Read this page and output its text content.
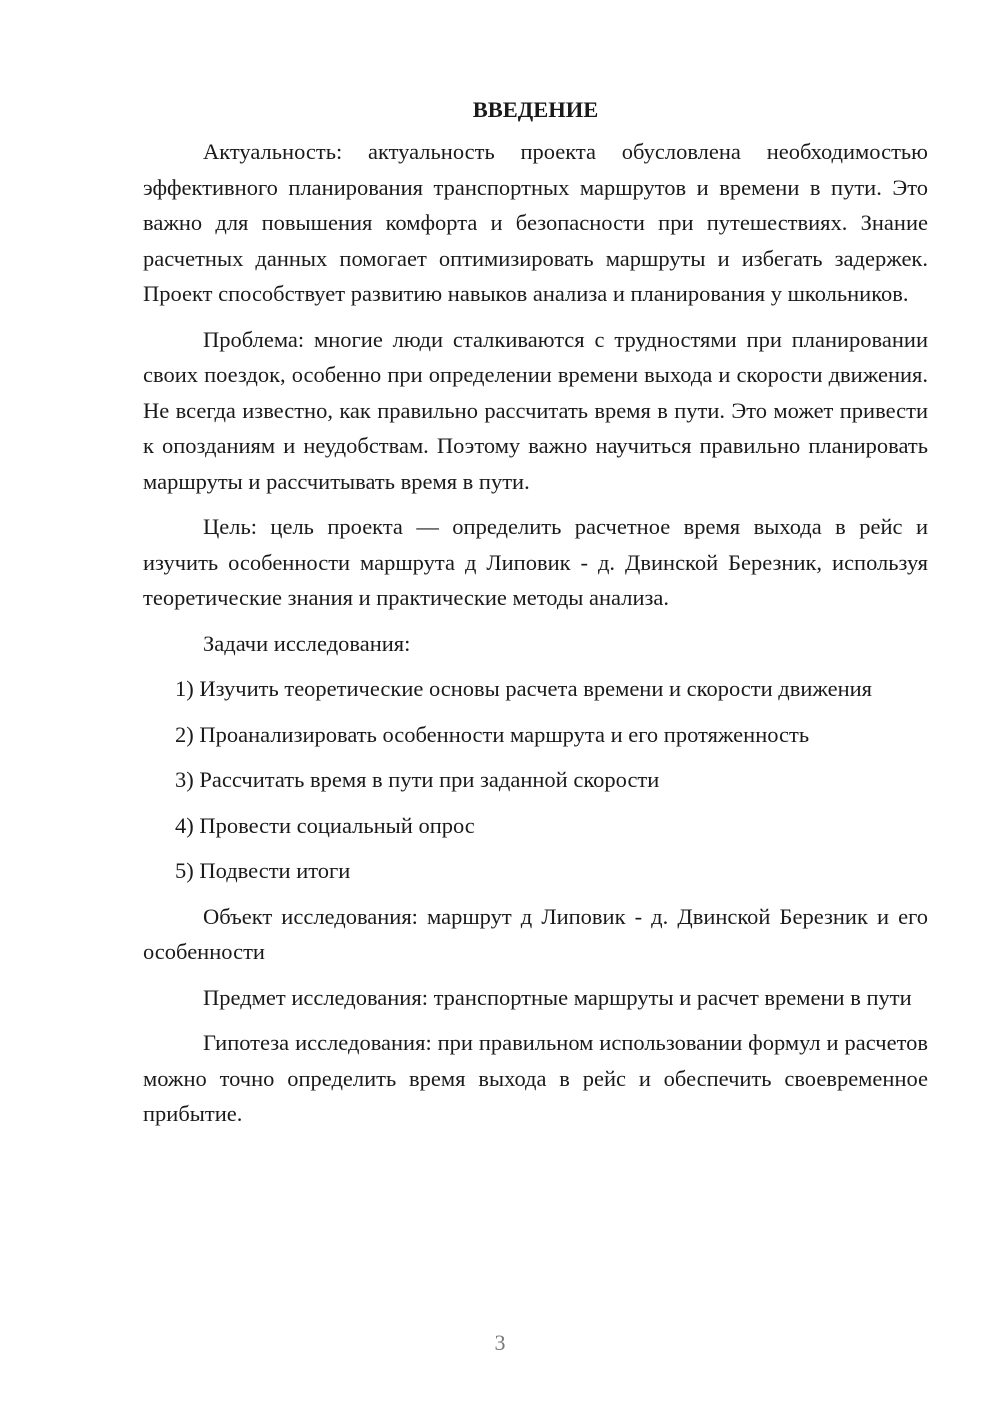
ВВЕДЕНИЕ

Актуальность: актуальность проекта обусловлена необходимостью эффективного планирования транспортных маршрутов и времени в пути. Это важно для повышения комфорта и безопасности при путешествиях. Знание расчетных данных помогает оптимизировать маршруты и избегать задержек. Проект способствует развитию навыков анализа и планирования у школьников.

Проблема: многие люди сталкиваются с трудностями при планировании своих поездок, особенно при определении времени выхода и скорости движения. Не всегда известно, как правильно рассчитать время в пути. Это может привести к опозданиям и неудобствам. Поэтому важно научиться правильно планировать маршруты и рассчитывать время в пути.

Цель: цель проекта — определить расчетное время выхода в рейс и изучить особенности маршрута д Липовик - д. Двинской Березник, используя теоретические знания и практические методы анализа.

Задачи исследования:

1) Изучить теоретические основы расчета времени и скорости движения

2) Проанализировать особенности маршрута и его протяженность

3) Рассчитать время в пути при заданной скорости

4) Провести социальный опрос

5) Подвести итоги

Объект исследования: маршрут д Липовик - д. Двинской Березник и его особенности

Предмет исследования: транспортные маршруты и расчет времени в пути

Гипотеза исследования: при правильном использовании формул и расчетов можно точно определить время выхода в рейс и обеспечить своевременное прибытие.

3
